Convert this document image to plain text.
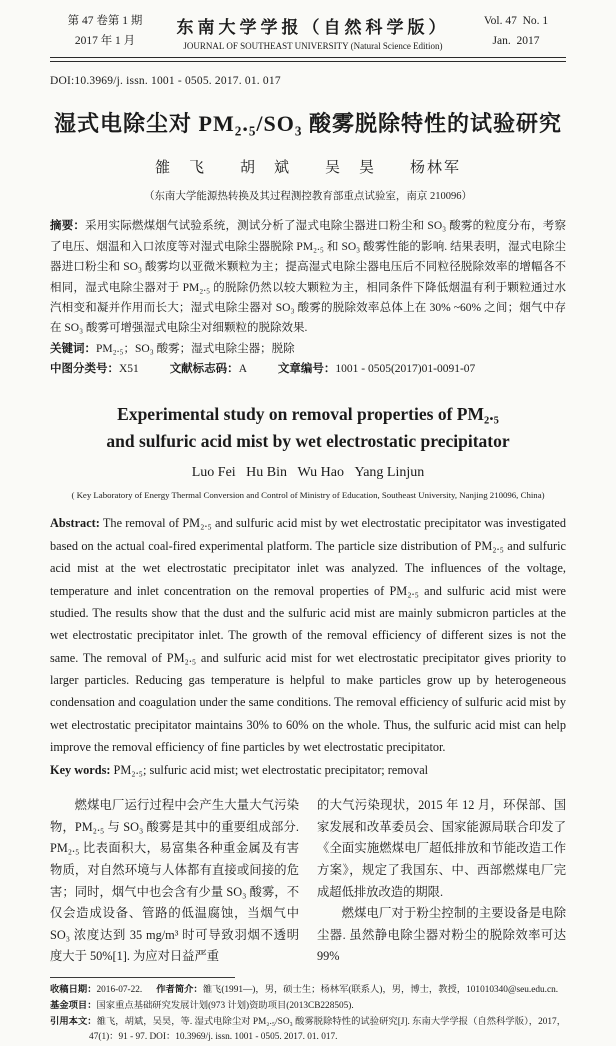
第 47 卷第 1 期
2017 年 1 月
东南大学学报（自然科学版）
JOURNAL OF SOUTHEAST UNIVERSITY (Natural Science Edition)
Vol. 47  No. 1
Jan.  2017
DOI:10.3969/j. issn. 1001 - 0505. 2017. 01. 017
湿式电除尘对 PM₂.₅/SO₃ 酸雾脱除特性的试验研究
雒　飞　　胡　斌　　吴　昊　　杨林军
（东南大学能源热转换及其过程测控教育部重点试验室，南京 210096）
摘要：采用实际燃煤烟气试验系统，测试分析了湿式电除尘器进口粉尘和 SO₃ 酸雾的粒度分布，考察了电压、烟温和入口浓度等对湿式电除尘器脱除 PM₂.₅ 和 SO₃ 酸雾性能的影响. 结果表明，湿式电除尘器进口粉尘和 SO₃ 酸雾均以亚微米颗粒为主；提高湿式电除尘器电压后不同粒径脱除效率的增幅各不相同，湿式电除尘器对于 PM₂.₅ 的脱除仍然以较大颗粒为主，相同条件下降低烟温有利于颗粒通过水汽相变和凝并作用而长大；湿式电除尘器对 SO₃ 酸雾的脱除效率总体上在 30% ~60% 之间；烟气中存在 SO₃ 酸雾可增强湿式电除尘对细颗粒的脱除效果.
关键词：PM₂.₅；SO₃ 酸雾；湿式电除尘器；脱除
中图分类号：X51	文献标志码：A	文章编号：1001 - 0505(2017)01-0091-07
Experimental study on removal properties of PM₂.₅
and sulfuric acid mist by wet electrostatic precipitator
Luo Fei   Hu Bin   Wu Hao   Yang Linjun
( Key Laboratory of Energy Thermal Conversion and Control of Ministry of Education, Southeast University, Nanjing 210096, China)
Abstract: The removal of PM₂.₅ and sulfuric acid mist by wet electrostatic precipitator was investigated based on the actual coal-fired experimental platform. The particle size distribution of PM₂.₅ and sulfuric acid mist at the wet electrostatic precipitator inlet was analyzed. The influences of the voltage, temperature and inlet concentration on the removal properties of PM₂.₅ and sulfuric acid mist were studied. The results show that the dust and the sulfuric acid mist are mainly submicron particles at the wet electrostatic precipitator inlet. The growth of the removal efficiency of different sizes is not the same. The removal of PM₂.₅ and sulfuric acid mist for wet electrostatic precipitator gives priority to larger particles. Reducing gas temperature is helpful to make particles grow up by heterogeneous condensation and coagulation under the same conditions. The removal efficiency of sulfuric acid mist by wet electrostatic precipitator maintains 30% to 60% on the whole. Thus, the sulfuric acid mist can help improve the removal efficiency of fine particles by wet electrostatic precipitator.
Key words: PM₂.₅; sulfuric acid mist; wet electrostatic precipitator; removal

燃煤电厂运行过程中会产生大量大气污染物，PM₂.₅ 与 SO₃ 酸雾是其中的重要组成部分. PM₂.₅ 比表面积大，易富集各种重金属及有害物质，对自然环境与人体都有直接或间接的危害；同时，烟气中也会含有少量 SO₃ 酸雾，不仅会造成设备、管路的低温腐蚀，当烟气中 SO₃ 浓度达到 35 mg/m³ 时可导致羽烟不透明度大于 50%[1]. 为应对日益严重

的大气污染现状，2015 年 12 月，环保部、国家发展和改革委员会、国家能源局联合印发了《全面实施燃煤电厂超低排放和节能改造工作方案》，规定了我国东、中、西部燃煤电厂完成超低排放改造的期限.

燃煤电厂对于粉尘控制的主要设备是电除尘器. 虽然静电除尘器对粉尘的脱除效率可达 99%

收稿日期：2016-07-22. 作者简介：雒飞(1991—)，男，硕士生；杨林军(联系人)，男，博士，教授，101010340@seu.edu.cn.

基金项目：国家重点基础研究发展计划(973 计划)资助项目(2013CB228505).

引用本文：雒飞，胡斌，吴昊，等. 湿式电除尘对 PM₂.₅/SO₃ 酸雾脱除特性的试验研究[J]. 东南大学学报（自然科学版），2017，47(1)：91 - 97. DOI：10.3969/j. issn. 1001 - 0505. 2017. 01. 017.
